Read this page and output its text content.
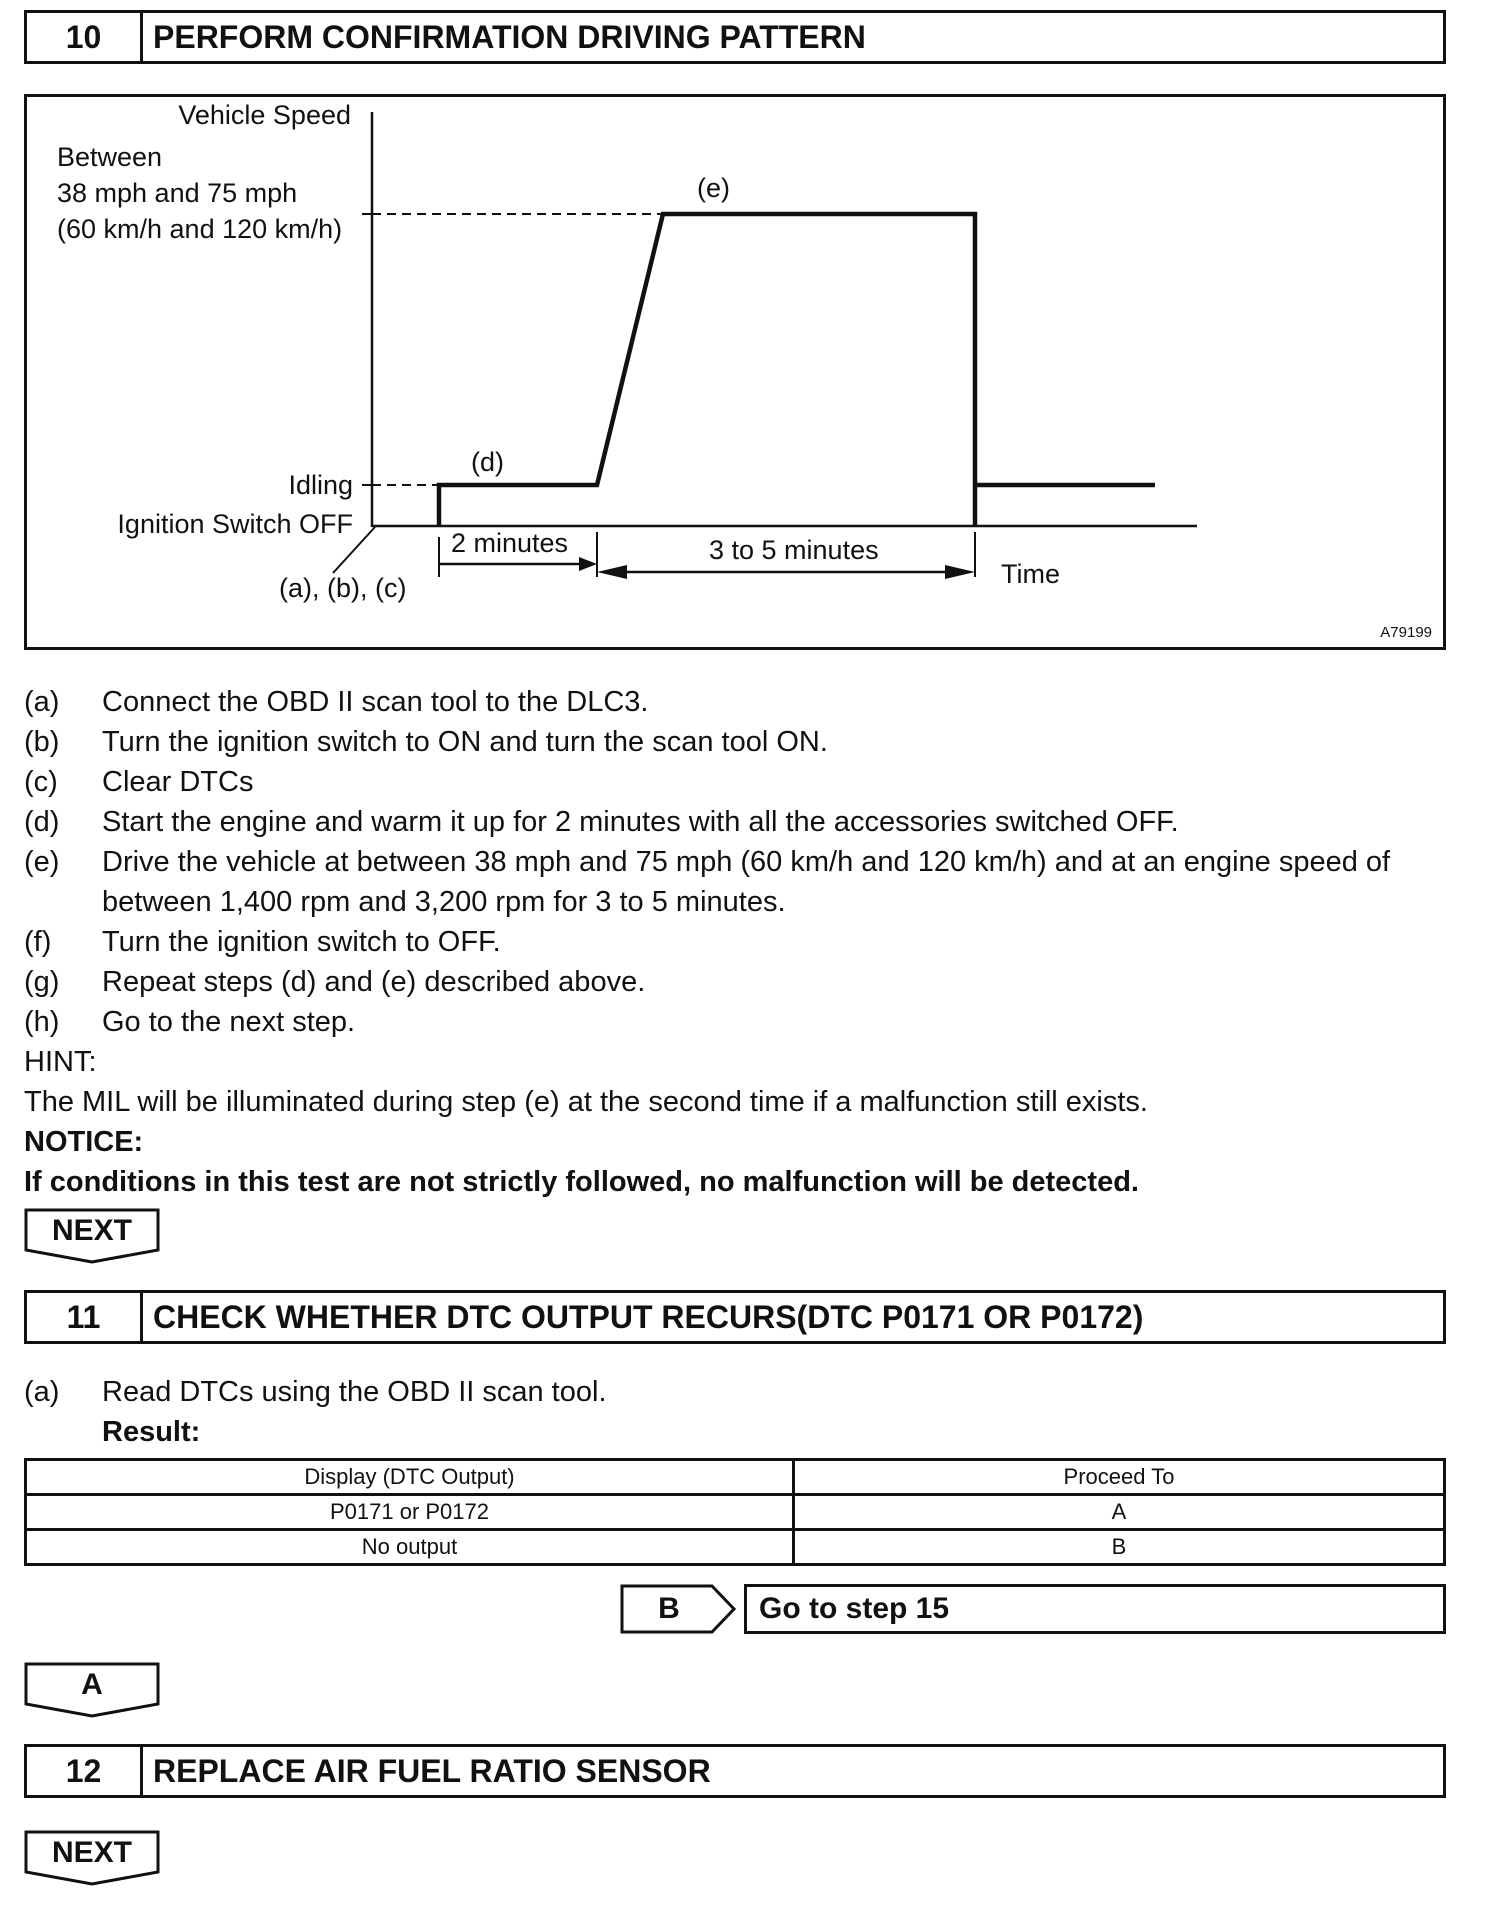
10	PERFORM CONFIRMATION DRIVING PATTERN
Vehicle Speed
Between
38 mph and 75 mph
(60 km/h and 120 km/h)
Idling
Ignition Switch OFF
(d)
(e)
(a), (b), (c)
2 minutes	3 to 5 minutes
Time
A79199
(a)	Connect the OBD II scan tool to the DLC3.
(b)	Turn the ignition switch to ON and turn the scan tool ON.
(c)	Clear DTCs
(d)	Start the engine and warm it up for 2 minutes with all the accessories switched OFF.
(e)	Drive the vehicle at between 38 mph and 75 mph (60 km/h and 120 km/h) and at an engine speed of between 1,400 rpm and 3,200 rpm for 3 to 5 minutes.
(f)	Turn the ignition switch to OFF.
(g)	Repeat steps (d) and (e) described above.
(h)	Go to the next step.
HINT:
The MIL will be illuminated during step (e) at the second time if a malfunction still exists.
NOTICE:
If conditions in this test are not strictly followed, no malfunction will be detected.
NEXT
11	CHECK WHETHER DTC OUTPUT RECURS(DTC P0171 OR P0172)
(a)	Read DTCs using the OBD II scan tool.
Result:
Display (DTC Output)	Proceed To
P0171 or P0172	A
No output	B
B	Go to step 15
A
12	REPLACE AIR FUEL RATIO SENSOR
NEXT
